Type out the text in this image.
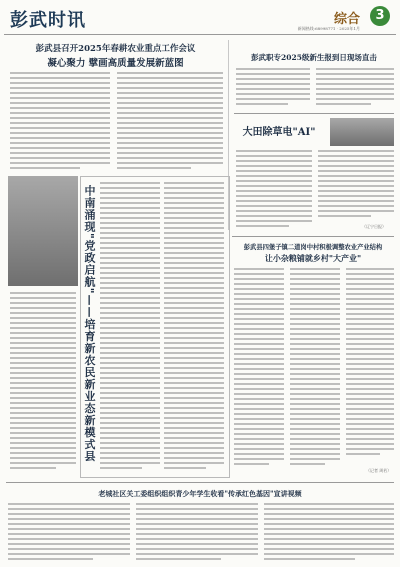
彭武时讯	综合	3
新闻热线:68998771 · 2025年1月
彭武县召开2025年春耕农业重点工作会议
凝心聚力 擘画高质量发展新蓝图
彭武职专2025级新生报到日现场直击
大田除草电"AI"
（辽宁日报）
中南涌现"党政启航"——培育新农民新业态新模式县	彭武县四堡子镇二道岗中村积极调整农业产业结构
让小杂粮铺就乡村"大产业"
（记者 周若）
老城社区关工委组织组织青少年学生收看"传承红色基因"宣讲视频
